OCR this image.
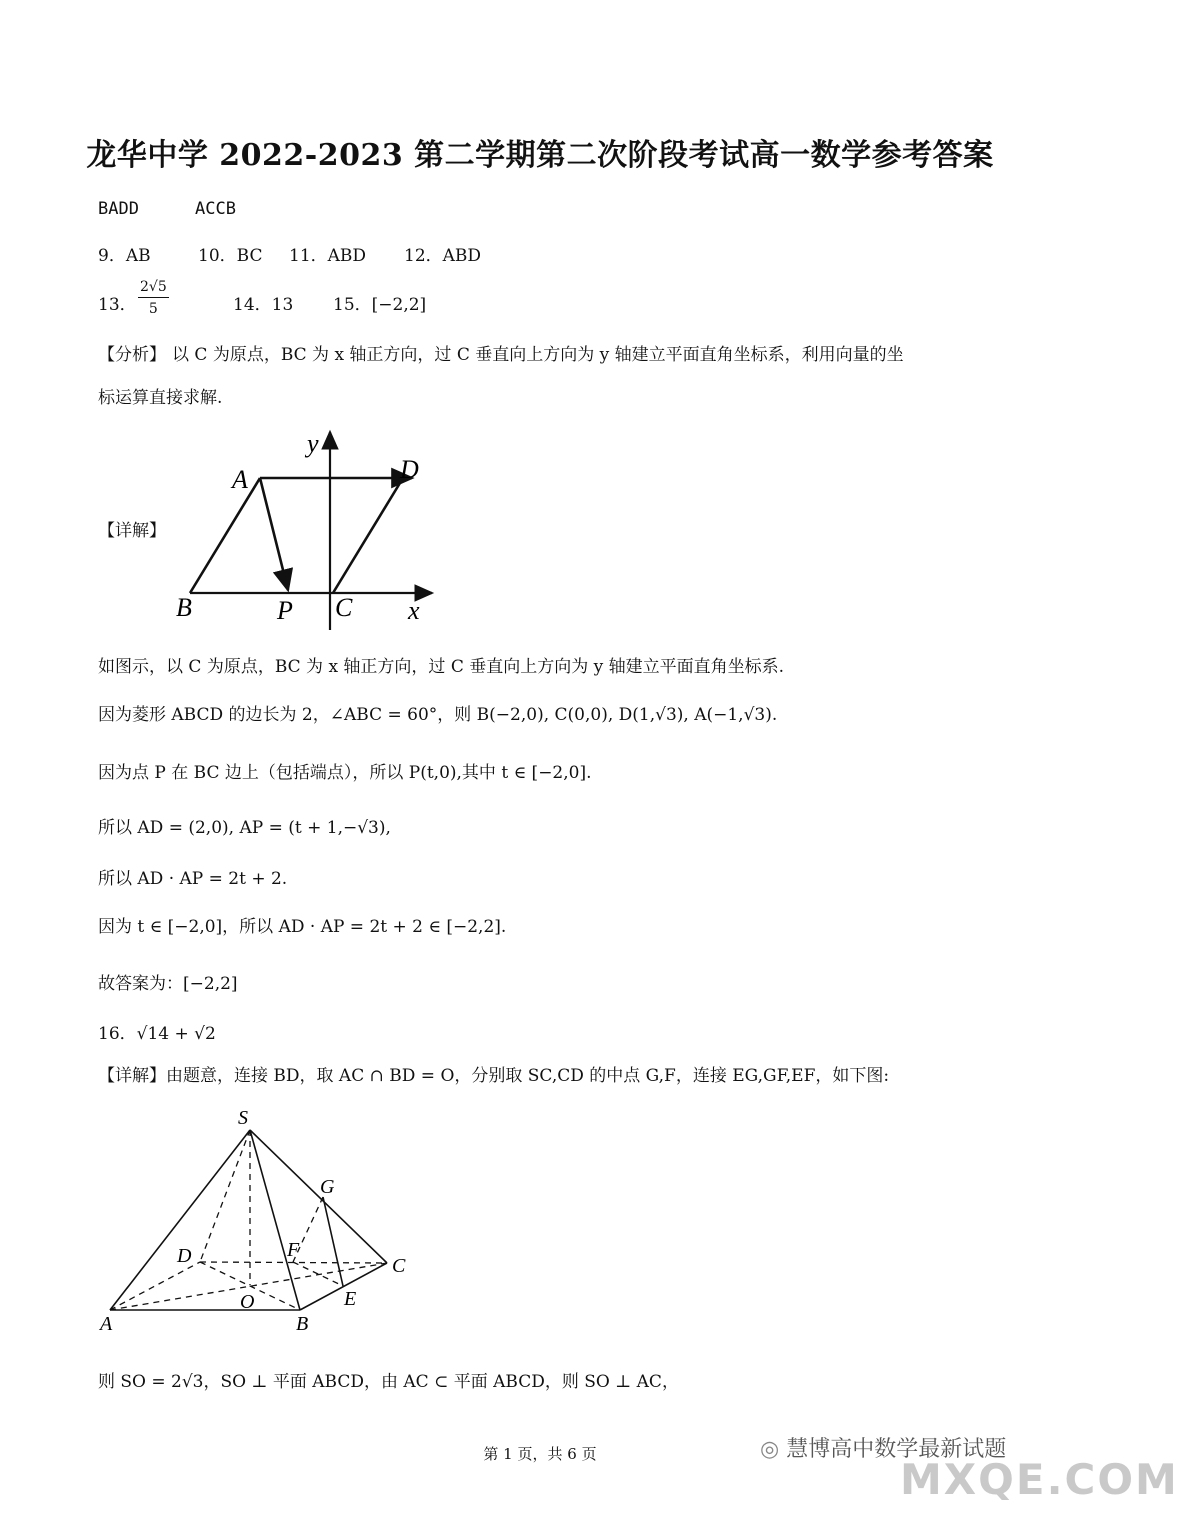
龙华中学 2022-2023 第二学期第二次阶段考试高一数学参考答案
BADD	ACCB
9．AB	10．BC 11．ABD 12．ABD
13． $\frac{2√5}{5}$	14．13 15．[−2,2]
【分析】 以 C 为原点，BC 为 x 轴正方向，过 C 垂直向上方向为 y 轴建立平面直角坐标系，利用向量的坐
标运算直接求解.
【详解】
y
A	D
B	P C x
如图示，以 C 为原点，BC 为 x 轴正方向，过 C 垂直向上方向为 y 轴建立平面直角坐标系.
因为菱形 ABCD 的边长为 2，∠ABC = 60°，则 B(−2,0), C(0,0), D(1,√3), A(−1,√3).
因为点 P 在 BC 边上（包括端点），所以 P(t,0),其中 t ∈ [−2,0].
所以 AD = (2,0), AP = (t + 1,−√3),
所以 AD · AP = 2t + 2.
因为 t ∈ [−2,0]，所以 AD · AP = 2t + 2 ∈ [−2,2].
故答案为：[−2,2]
16．√14 + √2
【详解】由题意，连接 BD，取 AC ∩ BD = O，分别取 SC,CD 的中点 G,F，连接 EG,GF,EF，如下图:
S
G
D	F
C
O	E
A	B
则 SO = 2√3，SO ⊥ 平面 ABCD，由 AC ⊂ 平面 ABCD，则 SO ⊥ AC，
第 1 页，共 6 页	◎ 慧博高中数学最新试题
MXQE.COM
